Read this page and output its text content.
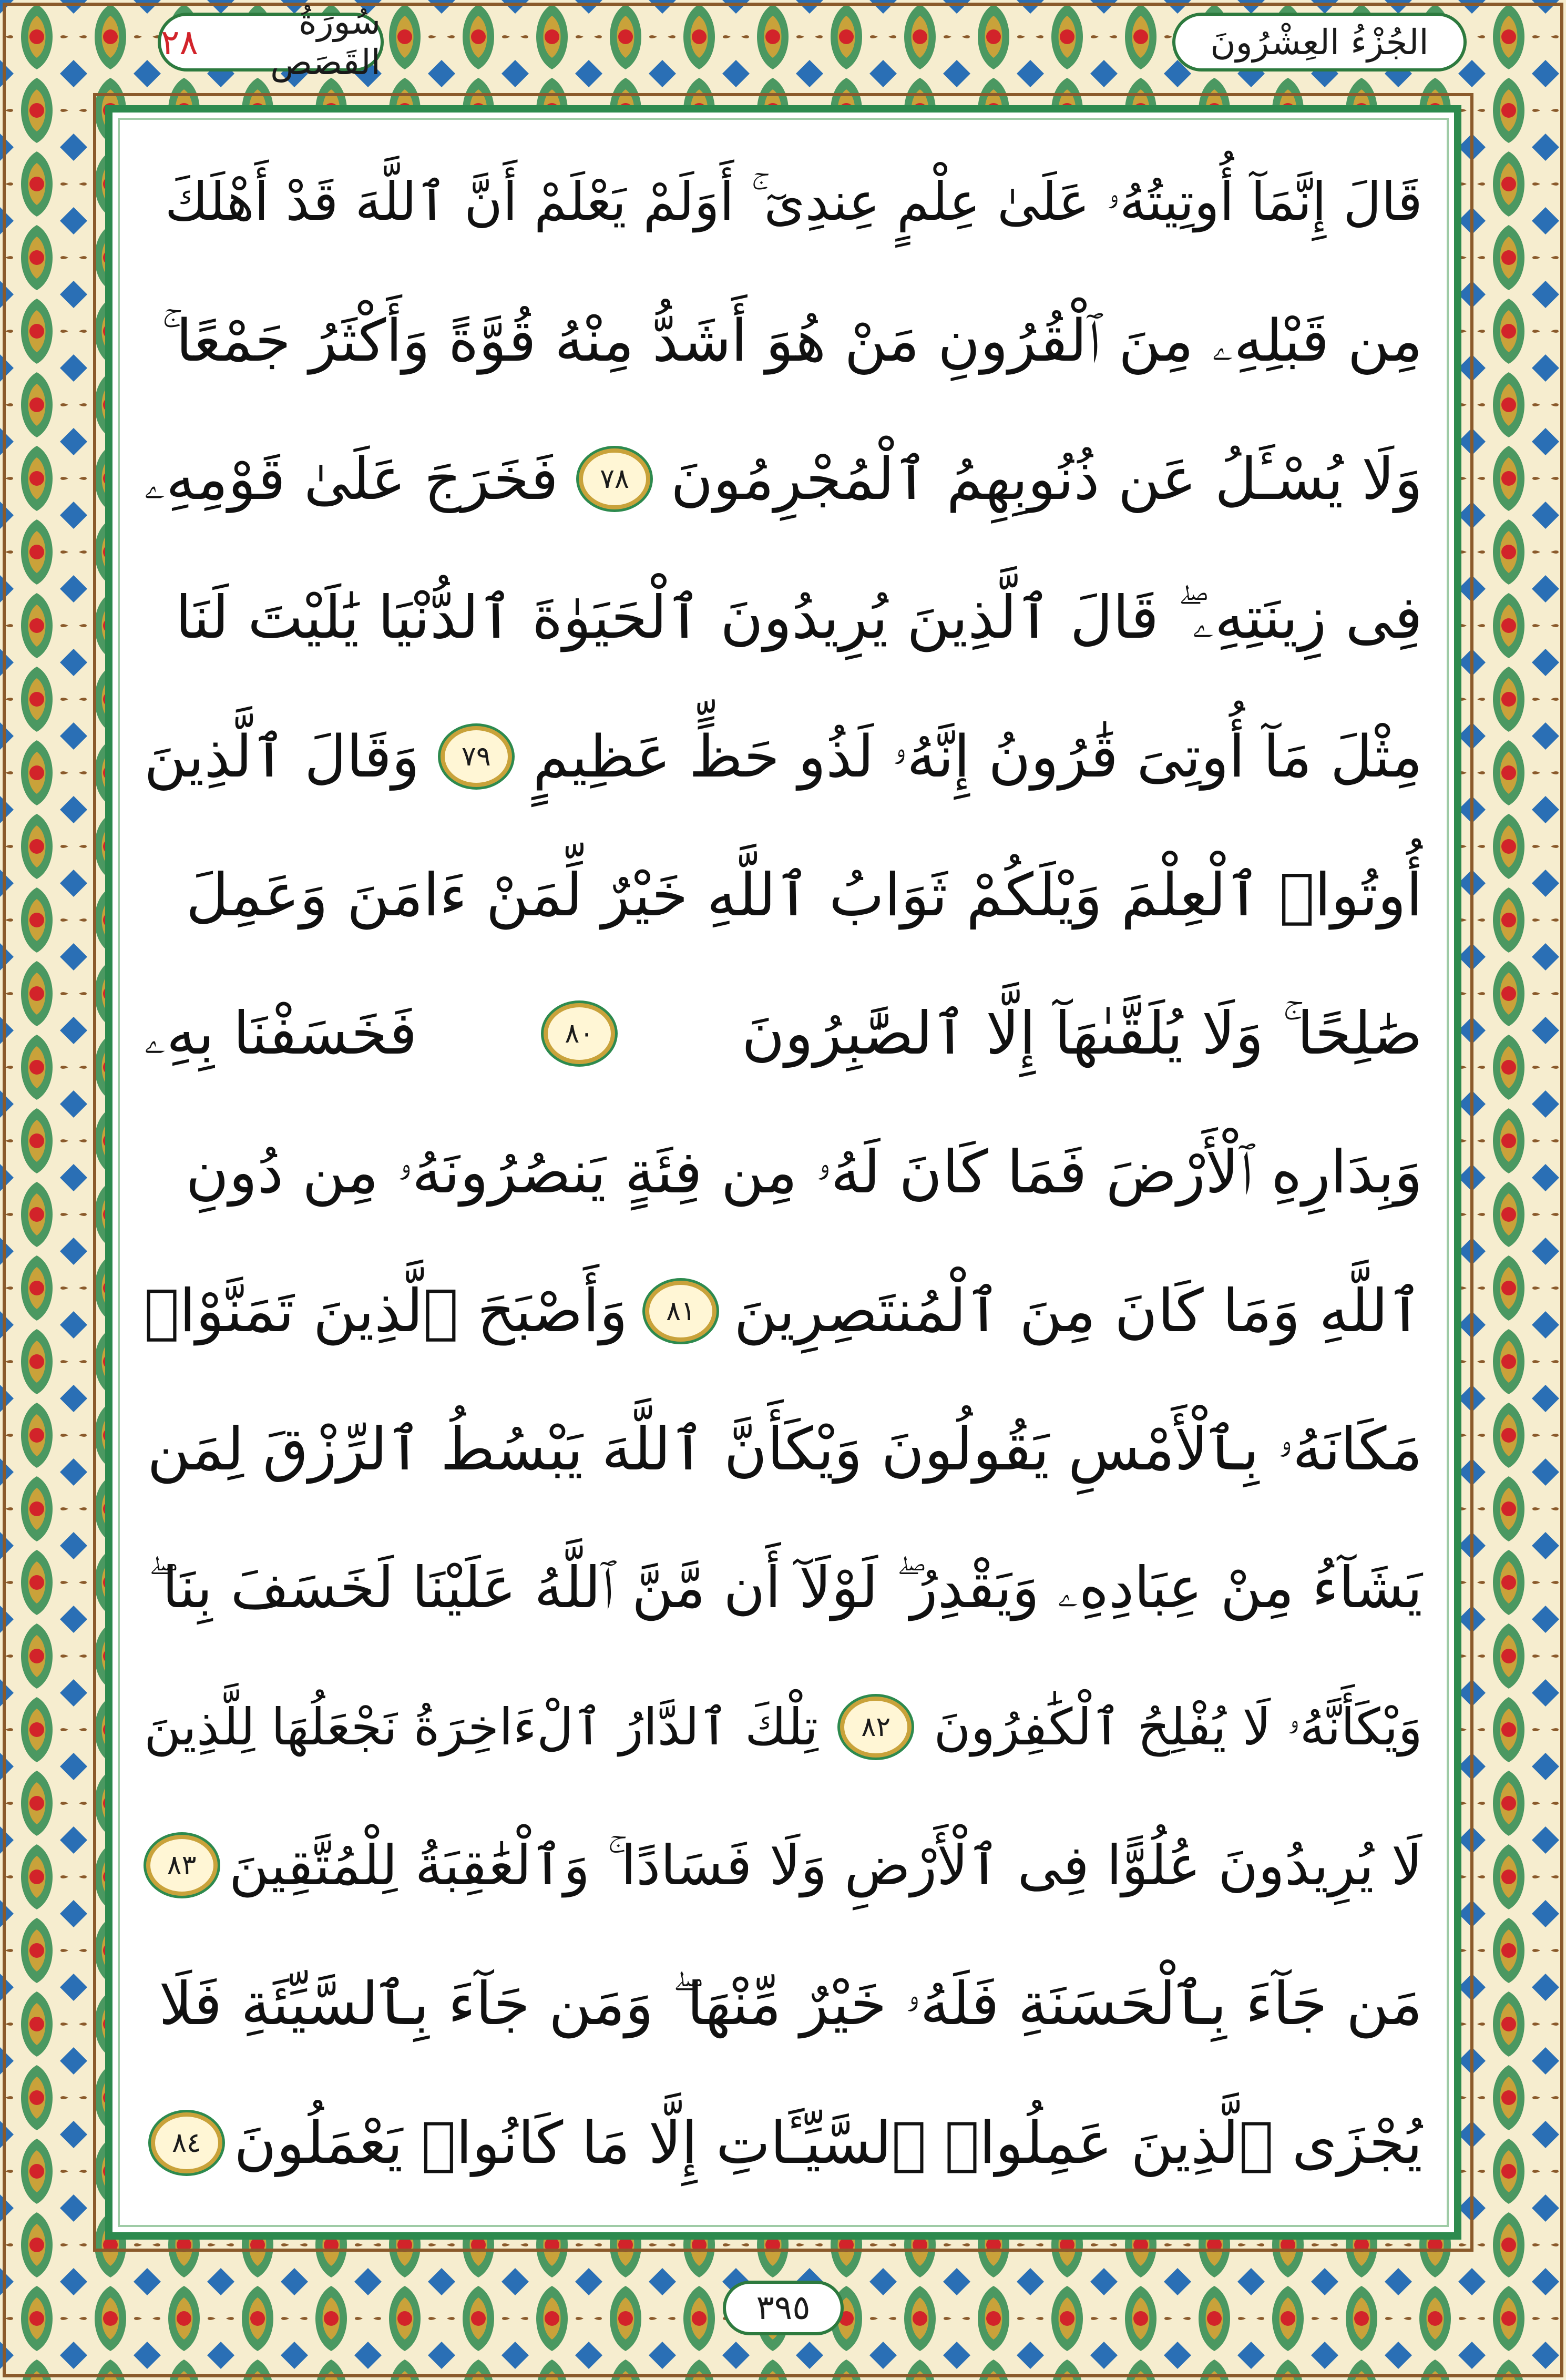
الجُزْءُ العِشْرُونَ
سُورَةُ القَصَص
٢٨
قَالَ إِنَّمَآ أُوتِيتُهُۥ عَلَىٰ عِلْمٍ عِندِىٓ ۚ أَوَلَمْ يَعْلَمْ أَنَّ ٱللَّهَ قَدْ أَهْلَكَ
مِن قَبْلِهِۦ مِنَ ٱلْقُرُونِ مَنْ هُوَ أَشَدُّ مِنْهُ قُوَّةً وَأَكْثَرُ جَمْعًا ۚ
وَلَا يُسْـَٔلُ عَن ذُنُوبِهِمُ ٱلْمُجْرِمُونَ
٧٨
فَخَرَجَ عَلَىٰ قَوْمِهِۦ
فِى زِينَتِهِۦ ۖ قَالَ ٱلَّذِينَ يُرِيدُونَ ٱلْحَيَوٰةَ ٱلدُّنْيَا يَٰلَيْتَ لَنَا
مِثْلَ مَآ أُوتِىَ قَٰرُونُ إِنَّهُۥ لَذُو حَظٍّ عَظِيمٍ
٧٩
وَقَالَ ٱلَّذِينَ
أُوتُوا۟ ٱلْعِلْمَ وَيْلَكُمْ ثَوَابُ ٱللَّهِ خَيْرٌ لِّمَنْ ءَامَنَ وَعَمِلَ
صَٰلِحًا ۚ وَلَا يُلَقَّىٰهَآ إِلَّا ٱلصَّٰبِرُونَ
٨٠
فَخَسَفْنَا بِهِۦ
وَبِدَارِهِ ٱلْأَرْضَ فَمَا كَانَ لَهُۥ مِن فِئَةٍ يَنصُرُونَهُۥ مِن دُونِ
ٱللَّهِ وَمَا كَانَ مِنَ ٱلْمُنتَصِرِينَ
٨١
وَأَصْبَحَ ٱلَّذِينَ تَمَنَّوْا۟
مَكَانَهُۥ بِٱلْأَمْسِ يَقُولُونَ وَيْكَأَنَّ ٱللَّهَ يَبْسُطُ ٱلرِّزْقَ لِمَن
يَشَآءُ مِنْ عِبَادِهِۦ وَيَقْدِرُ ۖ لَوْلَآ أَن مَّنَّ ٱللَّهُ عَلَيْنَا لَخَسَفَ بِنَا ۖ
وَيْكَأَنَّهُۥ لَا يُفْلِحُ ٱلْكَٰفِرُونَ
٨٢
تِلْكَ ٱلدَّارُ ٱلْءَاخِرَةُ نَجْعَلُهَا لِلَّذِينَ
لَا يُرِيدُونَ عُلُوًّا فِى ٱلْأَرْضِ وَلَا فَسَادًا ۚ وَٱلْعَٰقِبَةُ لِلْمُتَّقِينَ
٨٣
مَن جَآءَ بِٱلْحَسَنَةِ فَلَهُۥ خَيْرٌ مِّنْهَا ۖ وَمَن جَآءَ بِٱلسَّيِّئَةِ فَلَا
يُجْزَى ٱلَّذِينَ عَمِلُوا۟ ٱلسَّيِّـَٔاتِ إِلَّا مَا كَانُوا۟ يَعْمَلُونَ
٨٤
٣٩٥
